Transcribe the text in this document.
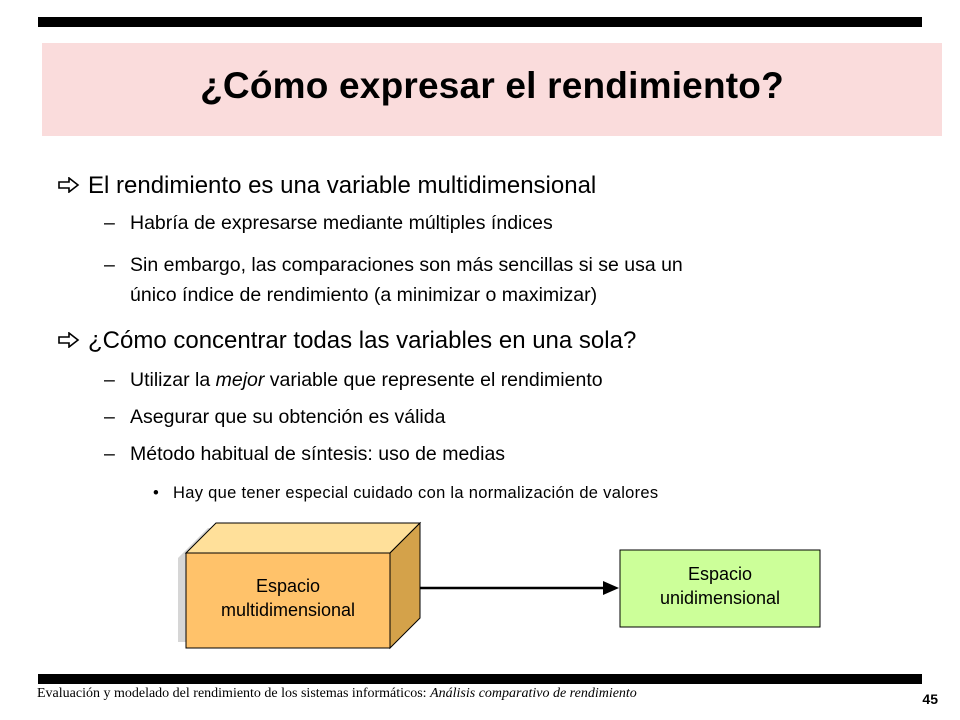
¿Cómo expresar el rendimiento?
El rendimiento es una variable multidimensional
– Habría de expresarse mediante múltiples índices
– Sin embargo, las comparaciones son más sencillas si se usa un
único índice de rendimiento (a minimizar o maximizar)
¿Cómo concentrar todas las variables en una sola?
– Utilizar la mejor variable que represente el rendimiento
– Asegurar que su obtención es válida
– Método habitual de síntesis: uso de medias
• Hay que tener especial cuidado con la normalización de valores
Espacio
multidimensional
Espacio
unidimensional
Evaluación y modelado del rendimiento de los sistemas informáticos: Análisis comparativo de rendimiento	45
